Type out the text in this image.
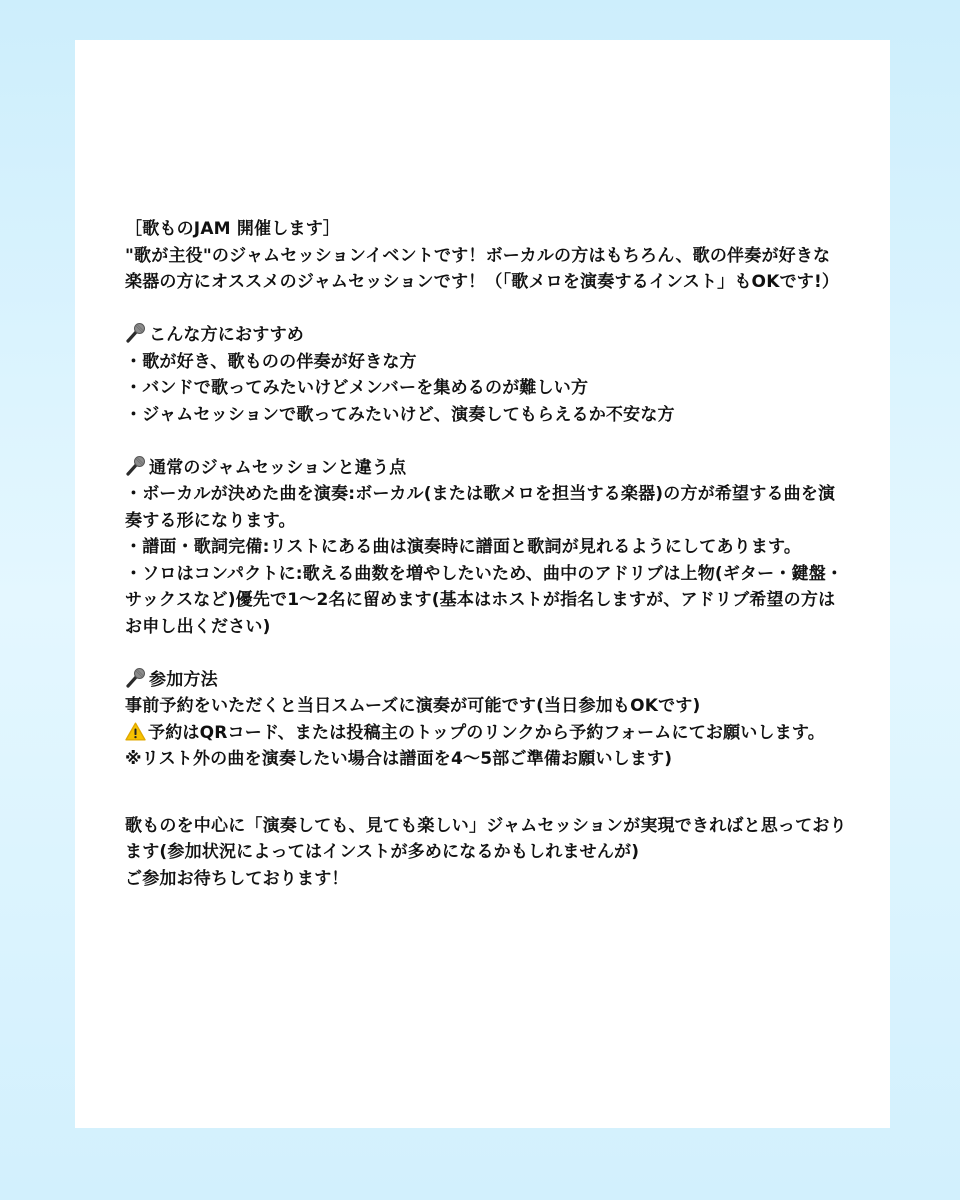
［歌ものJAM 開催します］

"歌が主役"のジャムセッションイベントです！ボーカルの方はもちろん、歌の伴奏が好きな楽器の方にオススメのジャムセッションです！（「歌メロを演奏するインスト」もOKです!）

こんな方におすすめ

・歌が好き、歌ものの伴奏が好きな方

・バンドで歌ってみたいけどメンバーを集めるのが難しい方

・ジャムセッションで歌ってみたいけど、演奏してもらえるか不安な方

通常のジャムセッションと違う点

・ボーカルが決めた曲を演奏:ボーカル(または歌メロを担当する楽器)の方が希望する曲を演奏する形になります。

・譜面・歌詞完備:リストにある曲は演奏時に譜面と歌詞が見れるようにしてあります。

・ソロはコンパクトに:歌える曲数を増やしたいため、曲中のアドリブは上物(ギター・鍵盤・サックスなど)優先で1〜2名に留めます(基本はホストが指名しますが、アドリブ希望の方はお申し出ください)

参加方法

事前予約をいただくと当日スムーズに演奏が可能です(当日参加もOKです)

予約はQRコード、または投稿主のトップのリンクから予約フォームにてお願いします。

※リスト外の曲を演奏したい場合は譜面を4〜5部ご準備お願いします)

歌ものを中心に「演奏しても、見ても楽しい」ジャムセッションが実現できればと思っております(参加状況によってはインストが多めになるかもしれませんが)

ご参加お待ちしております！
